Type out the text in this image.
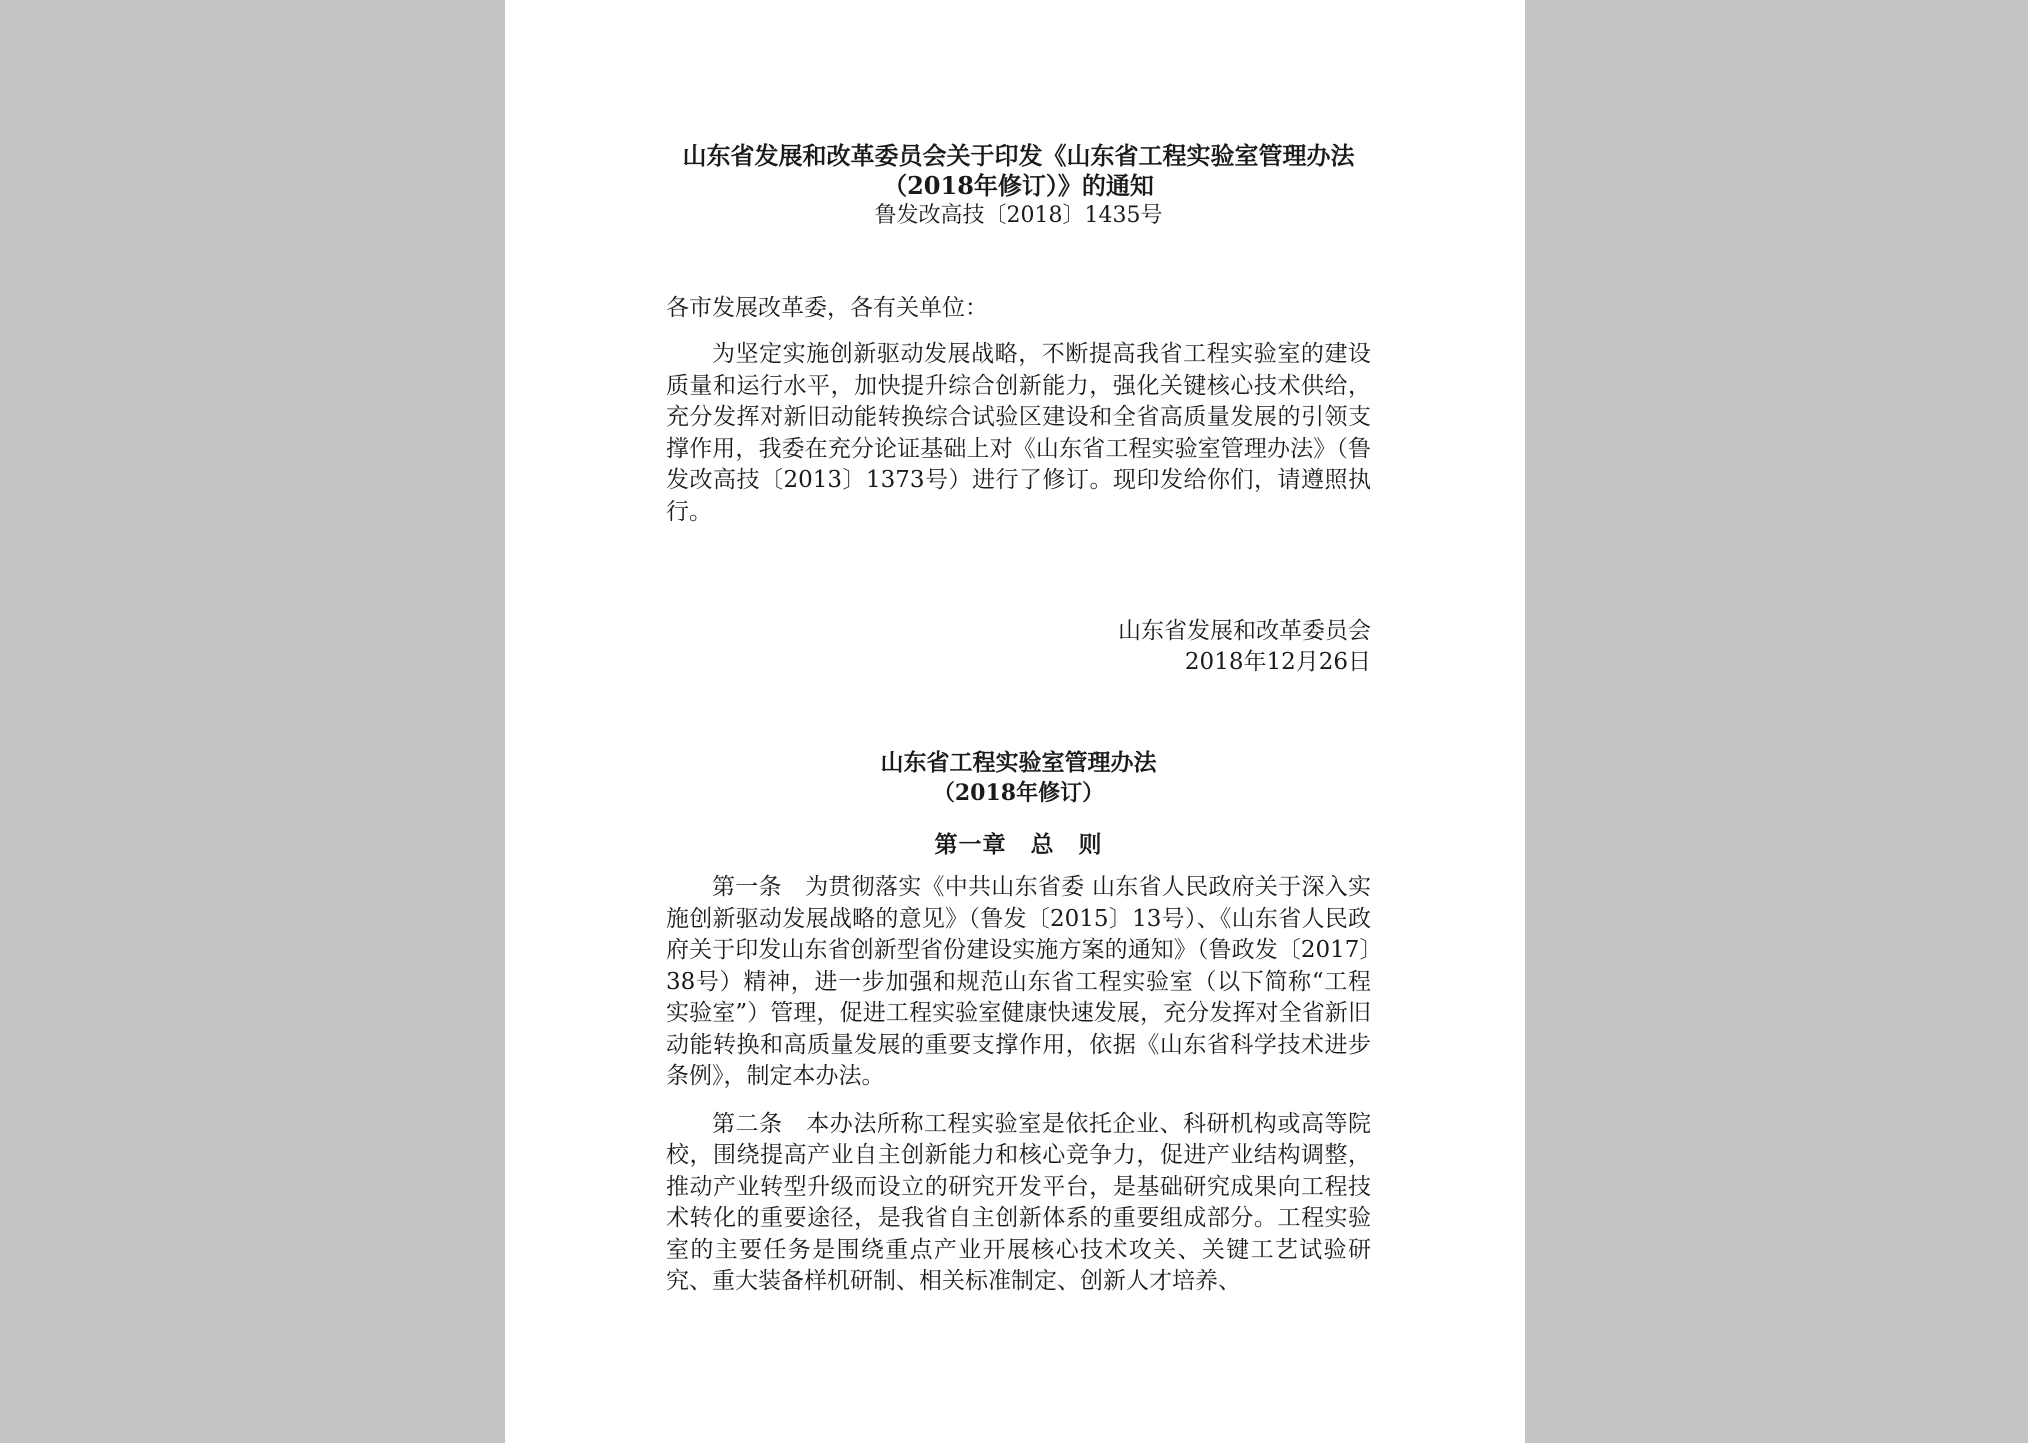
山东省发展和改革委员会关于印发《山东省工程实验室管理办法

（2018年修订）》的通知

鲁发改高技〔2018〕1435号

各市发展改革委，各有关单位：

为坚定实施创新驱动发展战略，不断提高我省工程实验室的建设质量和运行水平，加快提升综合创新能力，强化关键核心技术供给，充分发挥对新旧动能转换综合试验区建设和全省高质量发展的引领支撑作用，我委在充分论证基础上对《山东省工程实验室管理办法》（鲁发改高技〔2013〕1373号）进行了修订。现印发给你们，请遵照执行。

山东省发展和改革委员会
2018年12月26日
山东省工程实验室管理办法
（2018年修订）
第一章　总　则

第一条　为贯彻落实《中共山东省委 山东省人民政府关于深入实施创新驱动发展战略的意见》（鲁发〔2015〕13号）、《山东省人民政府关于印发山东省创新型省份建设实施方案的通知》（鲁政发〔2017〕38号）精神，进一步加强和规范山东省工程实验室（以下简称“工程实验室”）管理，促进工程实验室健康快速发展，充分发挥对全省新旧动能转换和高质量发展的重要支撑作用，依据《山东省科学技术进步条例》，制定本办法。

第二条　本办法所称工程实验室是依托企业、科研机构或高等院校，围绕提高产业自主创新能力和核心竞争力，促进产业结构调整，推动产业转型升级而设立的研究开发平台，是基础研究成果向工程技术转化的重要途径，是我省自主创新体系的重要组成部分。工程实验室的主要任务是围绕重点产业开展核心技术攻关、关键工艺试验研究、重大装备样机研制、相关标准制定、创新人才培养、
